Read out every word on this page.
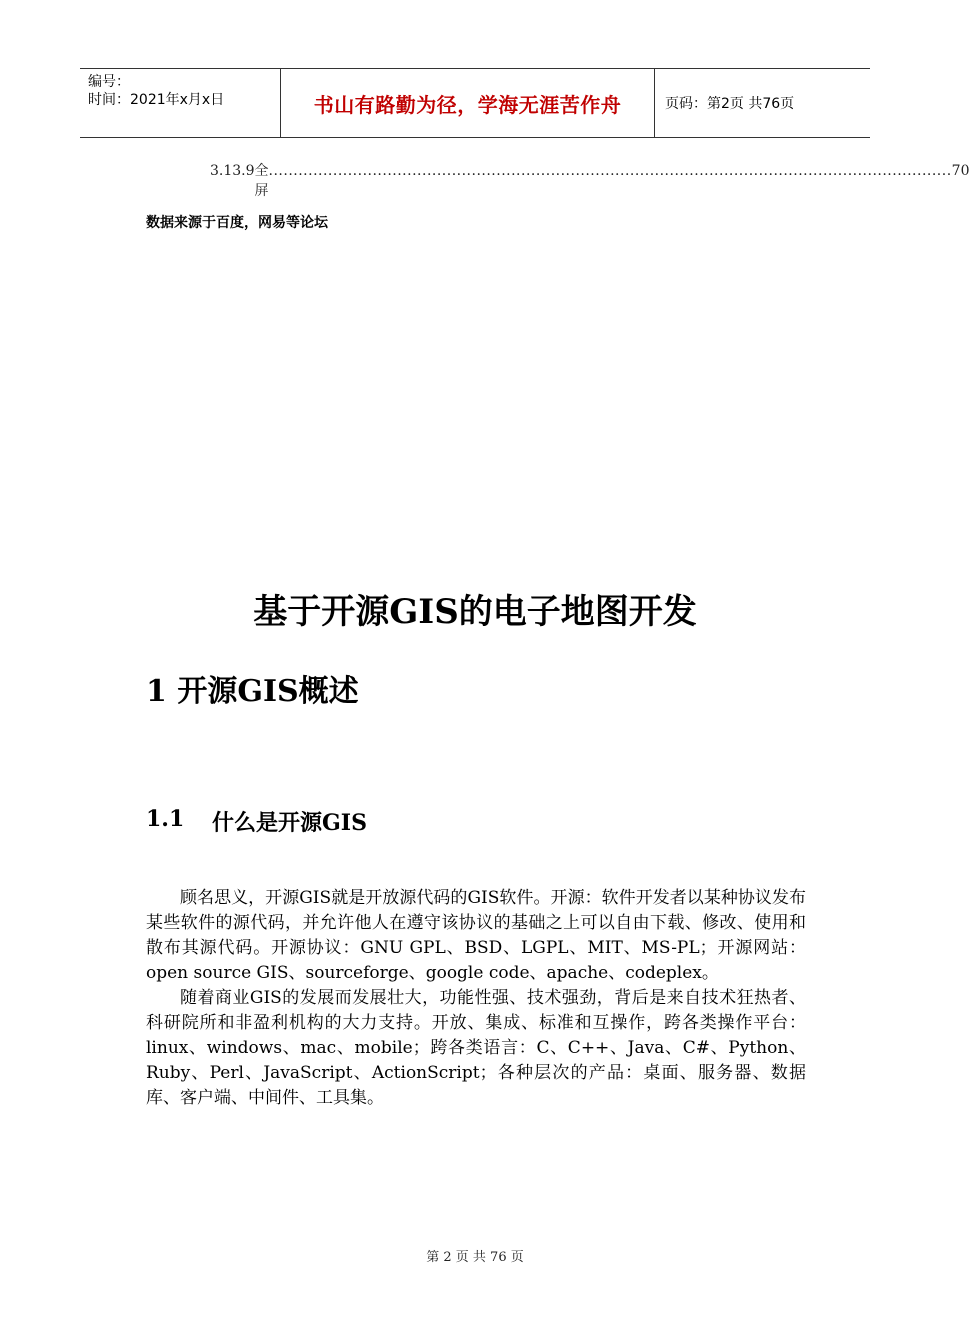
编号：
时间：2021年x月x日	书山有路勤为径，学海无涯苦作舟	页码：第2页 共76页
3.13.9 全屏
.......................................................................................................................................... 70
数据来源于百度，网易等论坛
基于开源GIS的电子地图开发
1 开源GIS概述
1.1	什么是开源GIS

顾名思义，开源GIS就是开放源代码的GIS软件。开源：软件开发者以某种协议发布某些软件的源代码，并允许他人在遵守该协议的基础之上可以自由下载、修改、使用和散布其源代码。开源协议：GNU GPL、BSD、LGPL、MIT、MS-PL；开源网站：open source GIS、sourceforge、google code、apache、codeplex。

随着商业GIS的发展而发展壮大，功能性强、技术强劲，背后是来自技术狂热者、科研院所和非盈利机构的大力支持。开放、集成、标准和互操作，跨各类操作平台：linux、windows、mac、mobile；跨各类语言：C、C++、Java、C#、Python、Ruby、Perl、JavaScript、ActionScript；各种层次的产品：桌面、服务器、数据库、客户端、中间件、工具集。

第 2 页 共 76 页
